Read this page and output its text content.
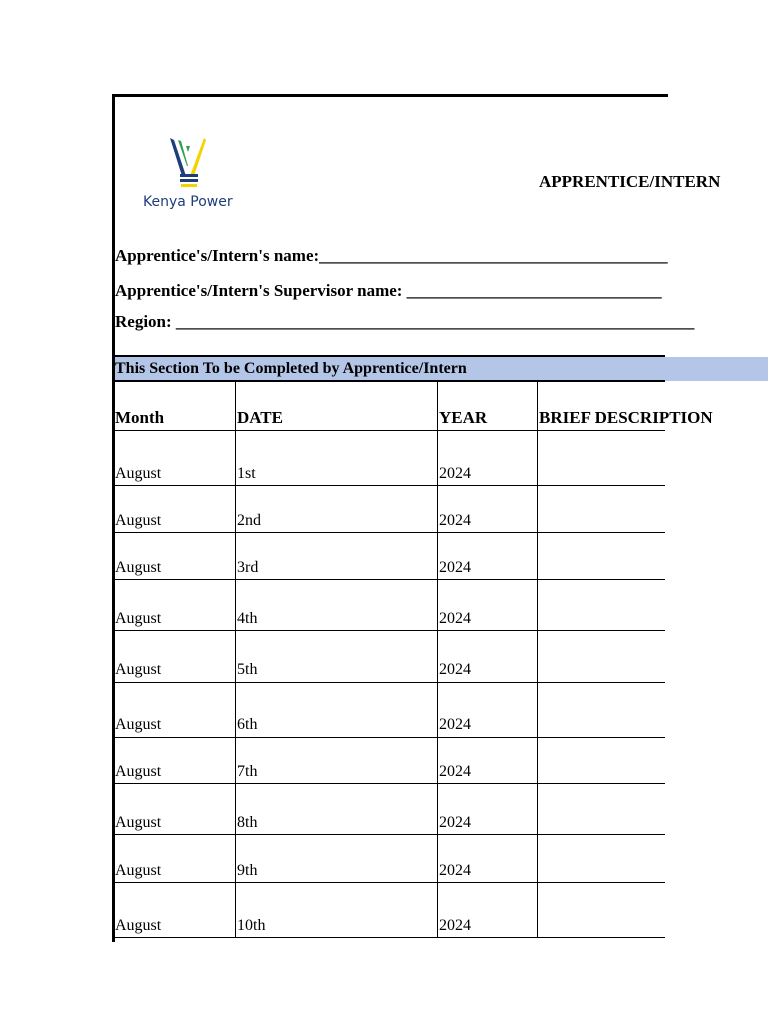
Kenya Power
APPRENTICE/INTERN
Apprentice's/Intern's name:_________________________________________
Apprentice's/Intern's Supervisor name: ______________________________
Region: _____________________________________________________________
This Section To be Completed by Apprentice/Intern
Month	DATE	YEAR	BRIEF DESCRIPTION
August	1st	2024
August	2nd	2024
August	3rd	2024
August	4th	2024
August	5th	2024
August	6th	2024
August	7th	2024
August	8th	2024
August	9th	2024
August	10th	2024
